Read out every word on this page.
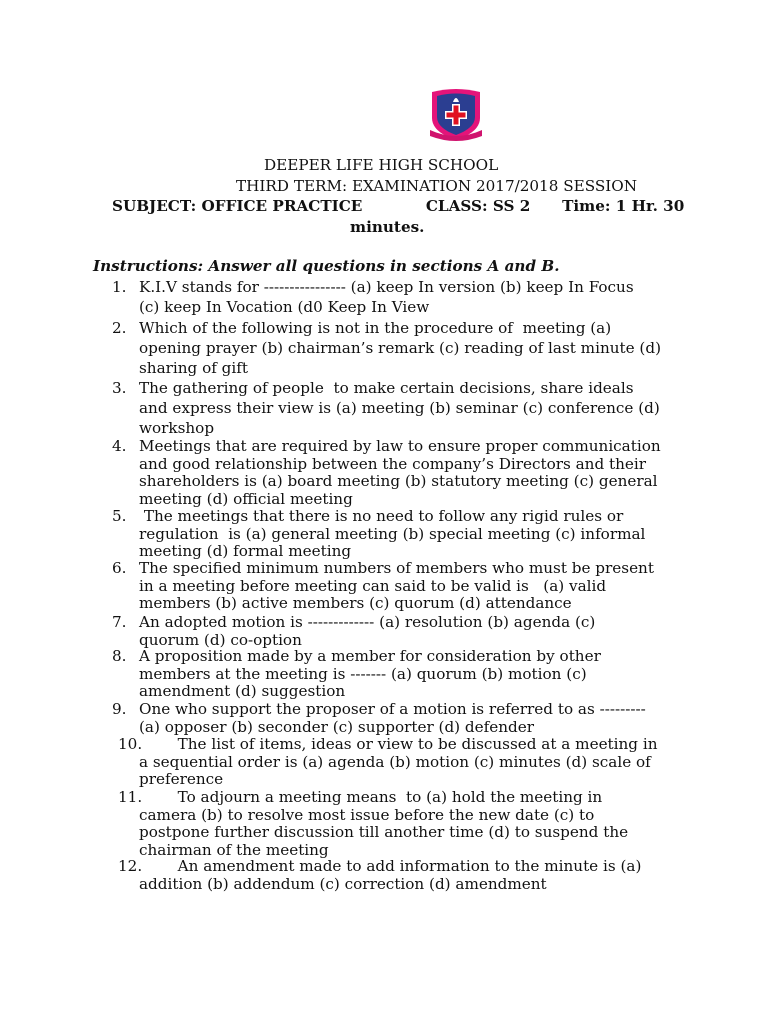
DEEPER LIFE HIGH SCHOOL
THIRD TERM: EXAMINATION 2017/2018 SESSION
SUBJECT: OFFICE PRACTICE	CLASS: SS 2 Time: 1 Hr. 30
minutes.
Instructions: Answer all questions in sections A and B.
1. K.I.V stands for ---------------- (a) keep In version (b) keep In Focus
(c) keep In Vocation (d0 Keep In View
2. Which of the following is not in the procedure of  meeting (a)
opening prayer (b) chairman’s remark (c) reading of last minute (d)
sharing of gift
3. The gathering of people  to make certain decisions, share ideals
and express their view is (a) meeting (b) seminar (c) conference (d)
workshop
4. Meetings that are required by law to ensure proper communication
and good relationship between the company’s Directors and their
shareholders is (a) board meeting (b) statutory meeting (c) general
meeting (d) official meeting
5. The meetings that there is no need to follow any rigid rules or
regulation  is (a) general meeting (b) special meeting (c) informal
meeting (d) formal meeting
6. The specified minimum numbers of members who must be present
in a meeting before meeting can said to be valid is   (a) valid
members (b) active members (c) quorum (d) attendance
7. An adopted motion is ------------- (a) resolution (b) agenda (c)
quorum (d) co-option
8. A proposition made by a member for consideration by other
members at the meeting is ------- (a) quorum (b) motion (c)
amendment (d) suggestion
9. One who support the proposer of a motion is referred to as ---------
(a) opposer (b) seconder (c) supporter (d) defender
10.
The list of items, ideas or view to be discussed at a meeting in
a sequential order is (a) agenda (b) motion (c) minutes (d) scale of
preference
11.
To adjourn a meeting means  to (a) hold the meeting in
camera (b) to resolve most issue before the new date (c) to
postpone further discussion till another time (d) to suspend the
chairman of the meeting
12.
An amendment made to add information to the minute is (a)
addition (b) addendum (c) correction (d) amendment
